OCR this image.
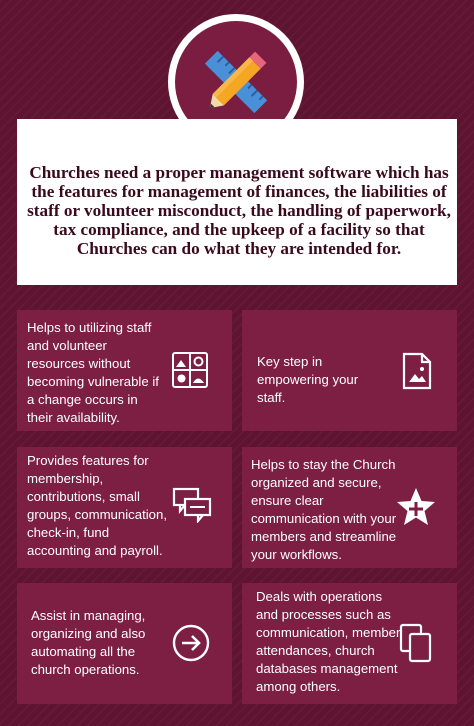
Churches need a proper management software which has the features for management of finances, the liabilities of staff or volunteer misconduct, the handling of paperwork, tax compliance, and the upkeep of a facility so that Churches can do what they are intended for.

Helps to utilizing staff
and volunteer
resources without
becoming vulnerable if
a change occurs in
their availability.
Key step in
empowering your
staff.
Provides features for
membership,
contributions, small
groups, communication,
check-in, fund
accounting and payroll.
Helps to stay the Church
organized and secure,
ensure clear
communication with your
members and streamline
your workflows.
Assist in managing,
organizing and also
automating all the
church operations.
Deals with operations
and processes such as
communication, member
attendances, church
databases management
among others.
